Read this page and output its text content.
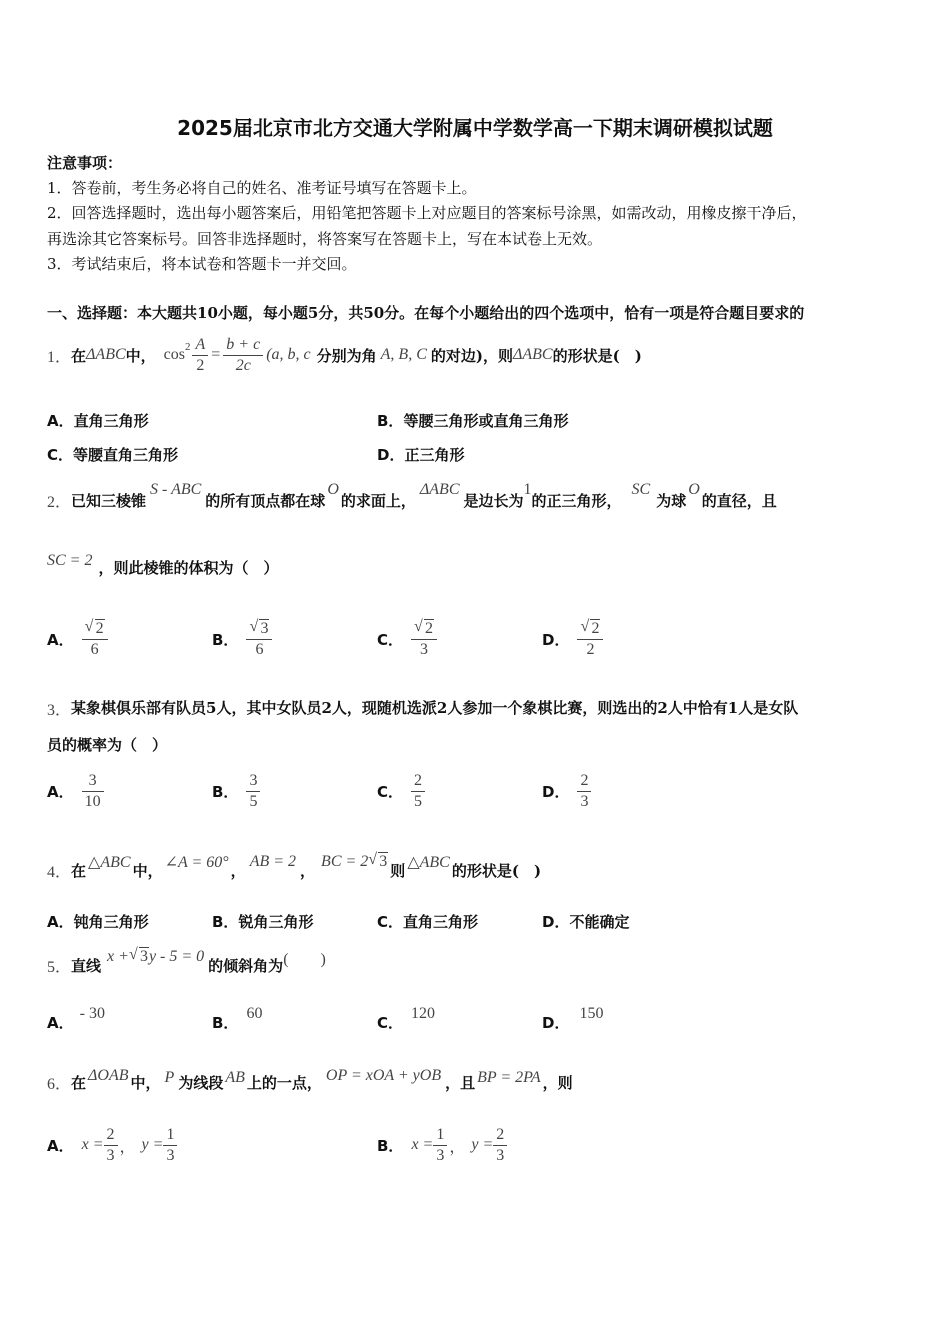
2025届北京市北方交通大学附属中学数学高一下期末调研模拟试题
注意事项：
1．答卷前，考生务必将自己的姓名、准考证号填写在答题卡上。
2．回答选择题时，选出每小题答案后，用铅笔把答题卡上对应题目的答案标号涂黑，如需改动，用橡皮擦干净后，
再选涂其它答案标号。回答非选择题时，将答案写在答题卡上，写在本试卷上无效。
3．考试结束后，将本试卷和答题卡一并交回。
一、选择题：本大题共10小题，每小题5分，共50分。在每个小题给出的四个选项中，恰有一项是符合题目要求的
1． 在 ΔABC 中， $\cos^2 \frac{A}{2} = \frac{b + c}{2c} (a$, b, c 分别为角 A, B, C 的对边)，则 ΔABC 的形状是(　)
A．直角三角形	B．等腰三角形或直角三角形
C．等腰直角三角形	D．正三角形
2． 已知三棱锥
S - ABC
的所有顶点都在球
O
的求面上，
ΔABC
是边长为
1
的正三角形，
SC
为球
O
的直径，且
SC = 2 ，则此棱锥的体积为（　）
A． $\frac{√ 2}{6}$	B． $\frac{√ 3}{6}$	C． $\frac{√ 2}{3}$	D． $\frac{√ 2}{2}$
3． 某象棋俱乐部有队员5人，其中女队员2人，现随机选派2人参加一个象棋比赛，则选出的2人中恰有1人是女队
员的概率为（　）
A． $\frac{3}{10}$	B． $\frac{3}{5}$	C． $\frac{2}{5}$	D． $\frac{2}{3}$
4． 在 △ABC 中， ∠A = 60° ， AB = 2 ， BC = 2 √ 3 则 △ABC 的形状是(　)
A．钝角三角形	B．锐角三角形	C．直角三角形	D．不能确定
5． 直线 x + √ 3 y - 5 = 0 的倾斜角为 (　　)
A． - 30	B． 60	C． 120	D． 150
6． 在 ΔOAB 中， P 为线段 AB 上的一点， OP = xOA + yOB ，且 BP = 2PA ，则
A． $x = \frac{2}{3}$ ， $y = \frac{1}{3}$	B． $x = \frac{1}{3}$ ， $y = \frac{2}{3}$
